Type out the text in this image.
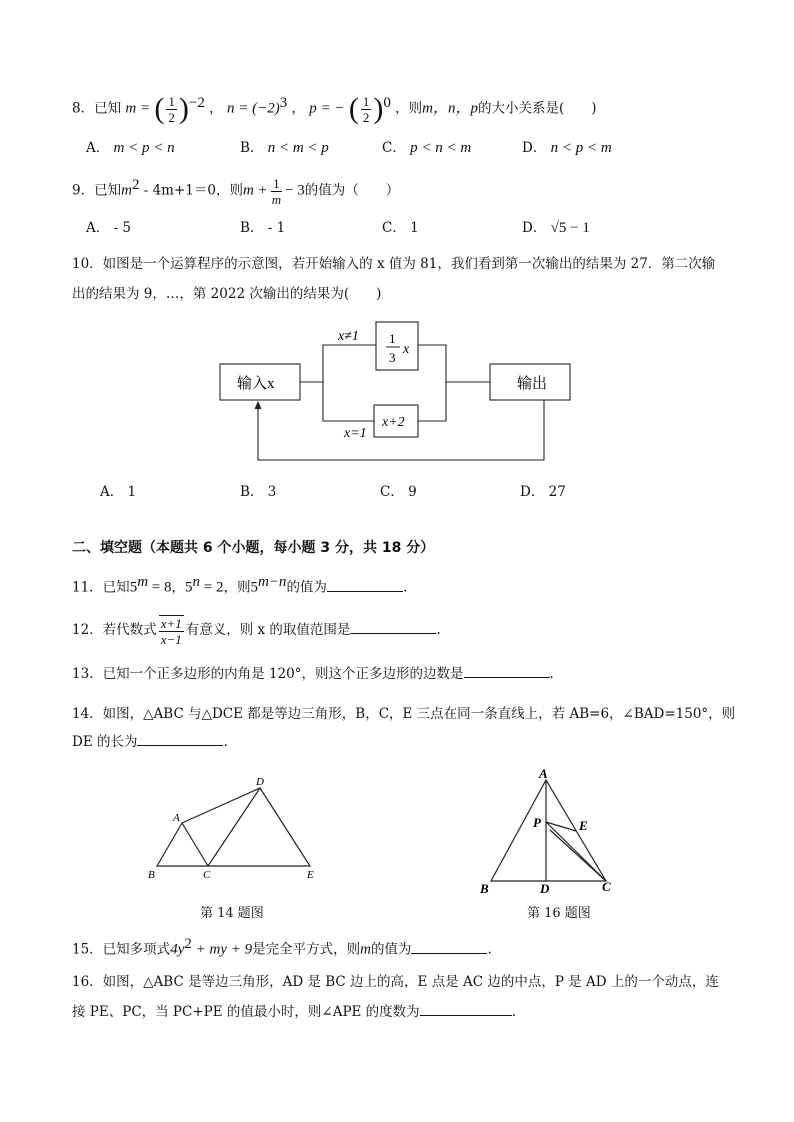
8．已知 m = ( $\frac{1}{2} )^{-2}$ ， $n = (-2)^3$ ， p = − ( $\frac{1}{2} )^0$ ，则m，n，p的大小关系是(　　)
A． m < p < n	B． n < m < p	C． p < n < m	D． n < p < m
9．已知$m^2 - 4m+1=0$，则$m + \frac{1}{m} - 3$的值为（　　）
A． - 5	B． - 1	C． 1	D． √5 − 1
10．如图是一个运算程序的示意图，若开始输入的 x 值为 81，我们看到第一次输出的结果为 27．第二次输
出的结果为 9，…，第 2022 次输出的结果为(　　)
输入x	输出
x≠1 1
3
x
x=1
x+2
A． 1	B． 3	C． 9	D． 27
二、填空题（本题共 6 个小题，每小题 3 分，共 18 分）
11．已知$5^m = 8$，$5^n = 2$，则$5^{m-n}$的值为	.
12．若代数式 $\frac{x+1}{x-1}$ 有意义，则 x 的取值范围是	.
13．已知一个正多边形的内角是 120°，则这个正多边形的边数是	.
14．如图，△ABC 与△DCE 都是等边三角形，B，C，E 三点在同一条直线上，若 AB=6，∠BAD=150°，则
DE 的长为	.
A
B	C
D
E
第 14 题图
A
B	C
D
E
P
第 16 题图
15．已知多项式$4y^2$ + my + 9是完全平方式，则m的值为	.
16．如图，△ABC 是等边三角形，AD 是 BC 边上的高，E 点是 AC 边的中点，P 是 AD 上的一个动点，连
接 PE、PC，当 PC+PE 的值最小时，则∠APE 的度数为	.
